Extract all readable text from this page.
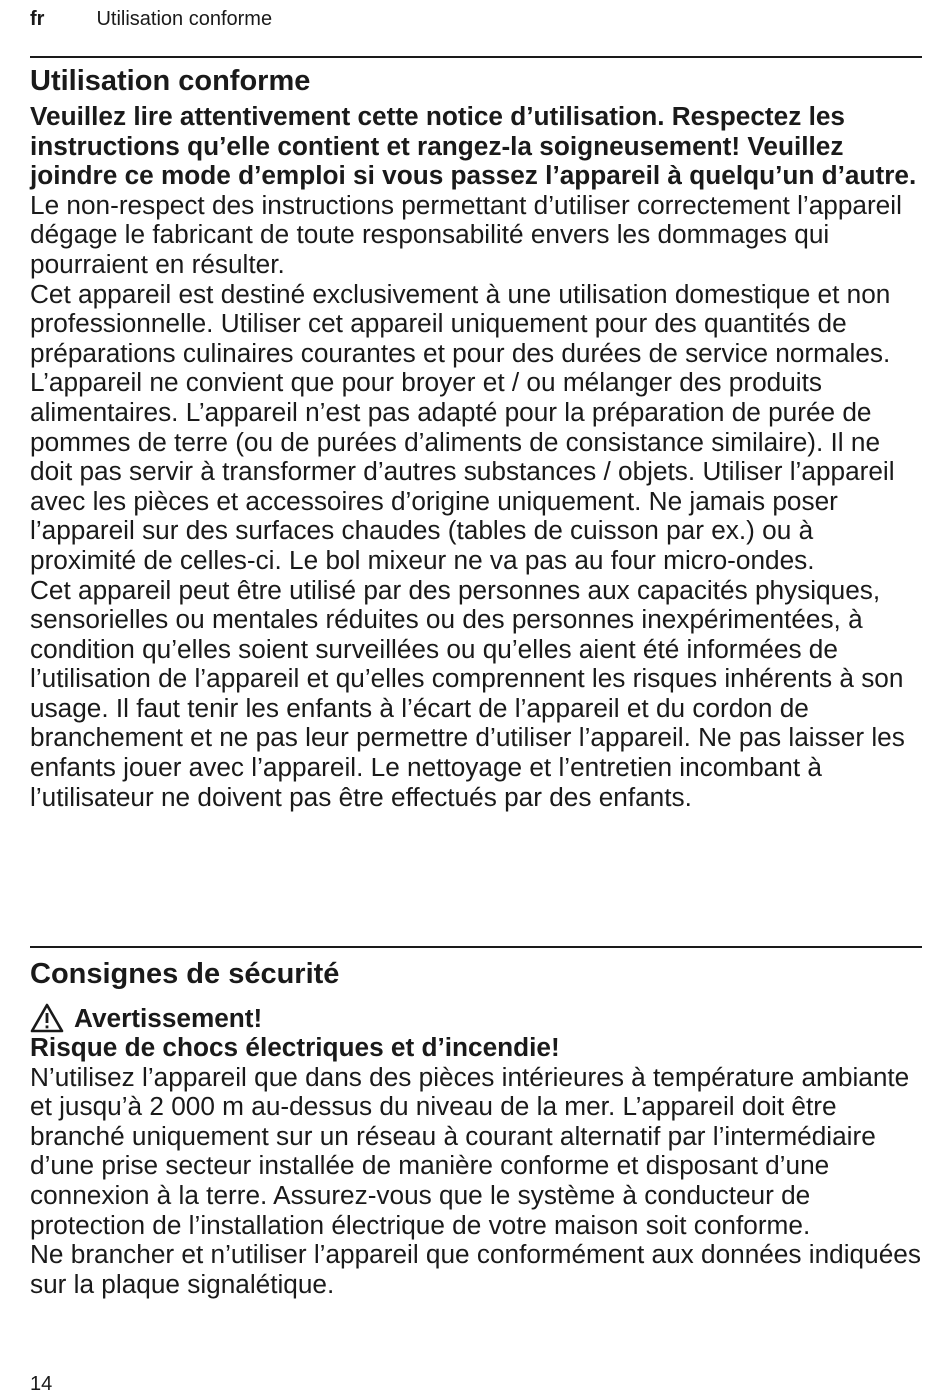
fr	Utilisation conforme
Utilisation conforme

Veuillez lire attentivement cette notice d’utilisation. Respectez les instructions qu’elle contient et rangez-la soigneusement! Veuillez joindre ce mode d’emploi si vous passez l’appareil à quelqu’un d’autre.

Le non-respect des instructions permettant d’utiliser correctement l’appareil dégage le fabricant de toute responsabilité envers les dommages qui pourraient en résulter.

Cet appareil est destiné exclusivement à une utilisation domestique et non professionnelle. Utiliser cet appareil uniquement pour des quantités de préparations culinaires courantes et pour des durées de service normales.

L’appareil ne convient que pour broyer et / ou mélanger des produits alimentaires. L’appareil n’est pas adapté pour la préparation de purée de pommes de terre (ou de purées d’aliments de consistance similaire). Il ne doit pas servir à transformer d’autres substances / objets. Utiliser l’appareil avec les pièces et accessoires d’origine uniquement. Ne jamais poser l’appareil sur des surfaces chaudes (tables de cuisson par ex.) ou à proximité de celles-ci. Le bol mixeur ne va pas au four micro-ondes.

Cet appareil peut être utilisé par des personnes aux capacités physiques, sensorielles ou mentales réduites ou des personnes inexpérimentées, à condition qu’elles soient surveillées ou qu’elles aient été informées de l’utilisation de l’appareil et qu’elles comprennent les risques inhérents à son usage. Il faut tenir les enfants à l’écart de l’appareil et du cordon de branchement et ne pas leur permettre d’utiliser l’appareil. Ne pas laisser les enfants jouer avec l’appareil. Le nettoyage et l’entretien incombant à l’utilisateur ne doivent pas être effectués par des enfants.

Consignes de sécurité
Avertissement!

Risque de chocs électriques et d’incendie!

N’utilisez l’appareil que dans des pièces intérieures à température ambiante et jusqu’à 2 000 m au-dessus du niveau de la mer. L’appareil doit être branché uniquement sur un réseau à courant alternatif par l’intermédiaire d’une prise secteur installée de manière conforme et disposant d’une connexion à la terre. Assurez-vous que le système à conducteur de protection de l’installation électrique de votre maison soit conforme.

Ne brancher et n’utiliser l’appareil que conformément aux données indiquées sur la plaque signalétique.

14
